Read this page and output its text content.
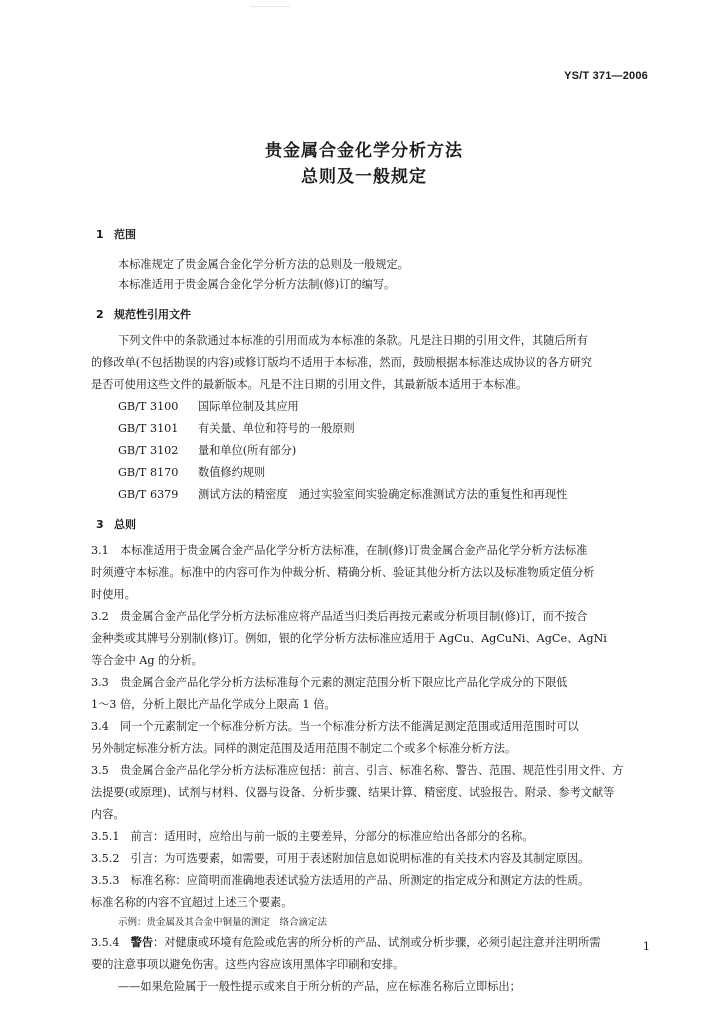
YS/T 371—2006
贵金属合金化学分析方法
总则及一般规定
1 范围
本标准规定了贵金属合金化学分析方法的总则及一般规定。
本标准适用于贵金属合金化学分析方法制(修)订的编写。
2 规范性引用文件
下列文件中的条款通过本标准的引用而成为本标准的条款。凡是注日期的引用文件，其随后所有
的修改单(不包括勘误的内容)或修订版均不适用于本标准，然而，鼓励根据本标准达成协议的各方研究
是否可使用这些文件的最新版本。凡是不注日期的引用文件，其最新版本适用于本标准。
GB/T 3100 国际单位制及其应用
GB/T 3101 有关量、单位和符号的一般原则
GB/T 3102 量和单位(所有部分)
GB/T 8170 数值修约规则
GB/T 6379 测试方法的精密度　通过实验室间实验确定标准测试方法的重复性和再现性
3 总则
3.1　本标准适用于贵金属合金产品化学分析方法标准，在制(修)订贵金属合金产品化学分析方法标准
时须遵守本标准。标准中的内容可作为仲裁分析、精确分析、验证其他分析方法以及标准物质定值分析
时使用。
3.2　贵金属合金产品化学分析方法标准应将产品适当归类后再按元素或分析项目制(修)订，而不按合
金种类或其牌号分别制(修)订。例如，银的化学分析方法标准应适用于 AgCu、AgCuNi、AgCe、AgNi
等合金中 Ag 的分析。
3.3　贵金属合金产品化学分析方法标准每个元素的测定范围分析下限应比产品化学成分的下限低
1～3 倍，分析上限比产品化学成分上限高 1 倍。
3.4　同一个元素制定一个标准分析方法。当一个标准分析方法不能满足测定范围或适用范围时可以
另外制定标准分析方法。同样的测定范围及适用范围不制定二个或多个标准分析方法。
3.5　贵金属合金产品化学分析方法标准应包括：前言、引言、标准名称、警告、范围、规范性引用文件、方
法提要(或原理)、试剂与材料、仪器与设备、分析步骤、结果计算、精密度、试验报告、附录、参考文献等
内容。
3.5.1　前言：适用时，应给出与前一版的主要差异，分部分的标准应给出各部分的名称。
3.5.2　引言：为可选要素，如需要，可用于表述附加信息如说明标准的有关技术内容及其制定原因。
3.5.3　标准名称：应简明而准确地表述试验方法适用的产品、所测定的指定成分和测定方法的性质。
标准名称的内容不宜超过上述三个要素。
示例：贵金属及其合金中铜量的测定　络合滴定法
3.5.4　警告：对健康或环境有危险或危害的所分析的产品、试剂或分析步骤，必须引起注意并注明所需
要的注意事项以避免伤害。这些内容应该用黑体字印刷和安排。
——如果危险属于一般性提示或来自于所分析的产品，应在标准名称后立即标出；
1
